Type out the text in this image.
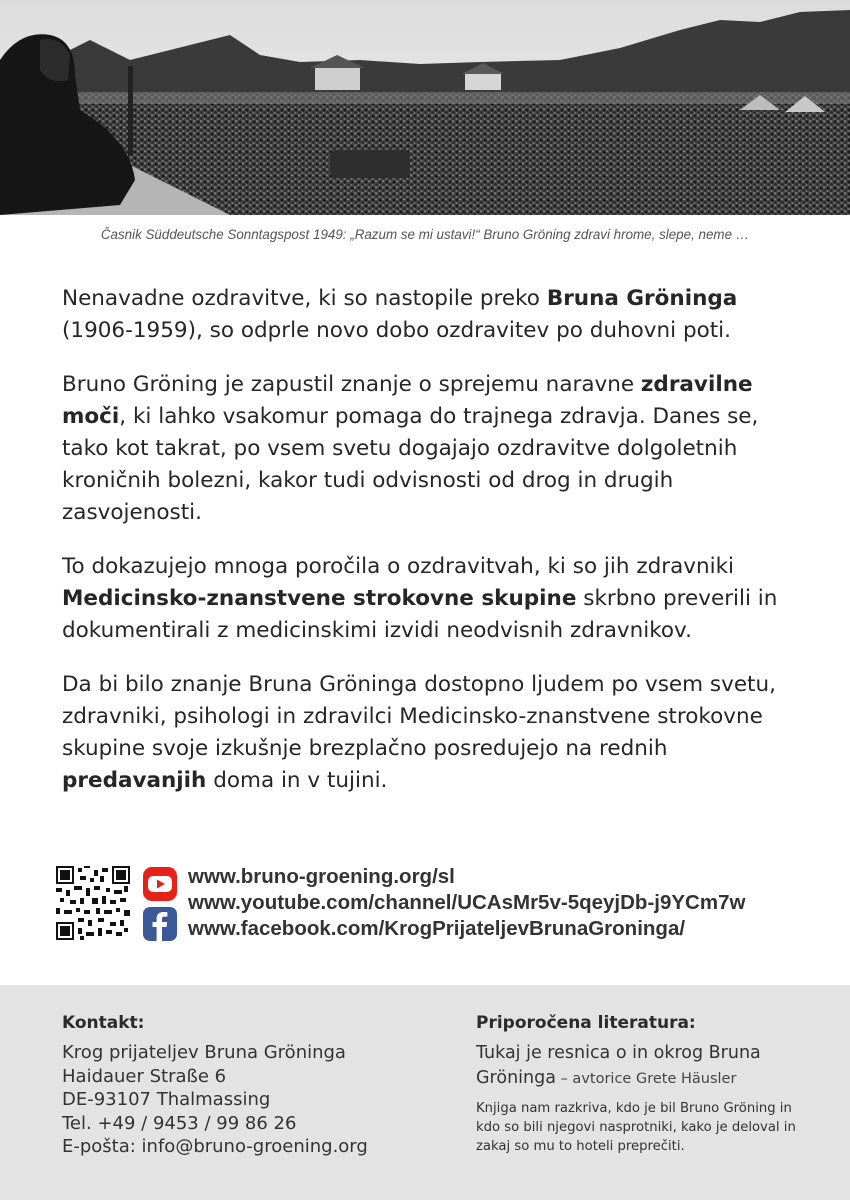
Časnik Süddeutsche Sonntagspost 1949: „Razum se mi ustavi!“ Bruno Gröning zdravi hrome, slepe, neme …

Nenavadne ozdravitve, ki so nastopile preko Bruna Gröninga (1906-1959), so odprle novo dobo ozdravitev po duhovni poti.

Bruno Gröning je zapustil znanje o sprejemu naravne zdravilne moči, ki lahko vsakomur pomaga do trajnega zdravja. Danes se, tako kot takrat, po vsem svetu dogajajo ozdravitve dolgoletnih kroničnih bolezni, kakor tudi odvisnosti od drog in drugih zasvojenosti.

To dokazujejo mnoga poročila o ozdravitvah, ki so jih zdravniki Medicinsko-znanstvene strokovne skupine skrbno preverili in dokumentirali z medicinskimi izvidi neodvisnih zdravnikov.

Da bi bilo znanje Bruna Gröninga dostopno ljudem po vsem svetu, zdravniki, psihologi in zdravilci Medicinsko-znanstvene strokovne skupine svoje izkušnje brezplačno posredujejo na rednih predavanjih doma in v tujini.

www.bruno-groening.org/sl
www.youtube.com/channel/UCAsMr5v-5qeyjDb-j9YCm7w
www.facebook.com/KrogPrijateljevBrunaGroninga/
Kontakt:
Krog prijateljev Bruna Gröninga
Haidauer Straße 6
DE-93107 Thalmassing
Tel. +49 / 9453 / 99 86 26
E-pošta: info@bruno-groening.org
Priporočena literatura:
Tukaj je resnica o in okrog Bruna Gröninga – avtorice Grete Häusler
Knjiga nam razkriva, kdo je bil Bruno Gröning in kdo so bili njegovi nasprotniki, kako je deloval in zakaj so mu to hoteli preprečiti.
